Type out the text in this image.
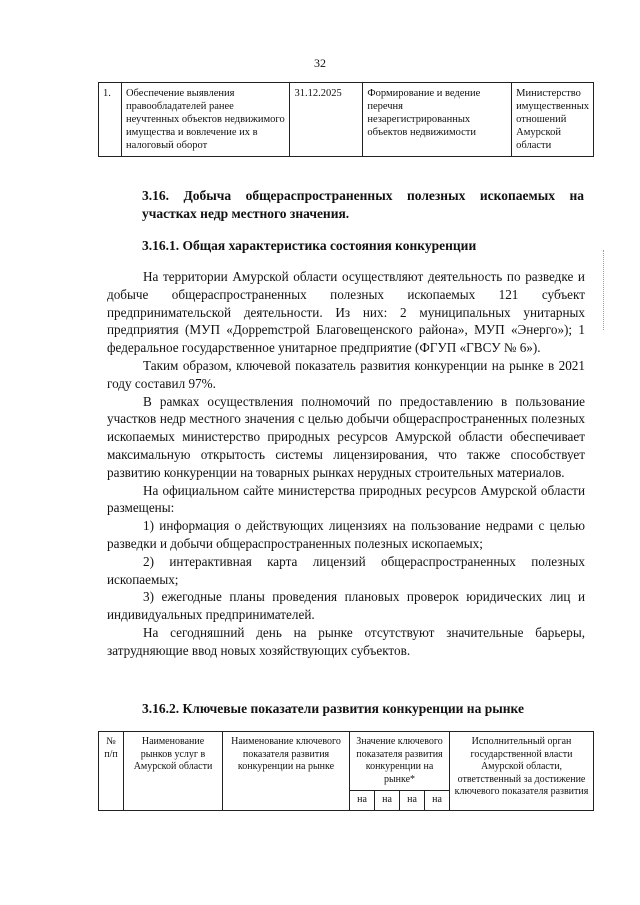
32
1.	Обеспечение выявления правообладателей ранее неучтенных объектов недвижимого имущества и вовлечение их в налоговый оборот	31.12.2025	Формирование и ведение перечня незарегистрированных объектов недвижимости	Министерство имущественных отношений Амурской области
3.16. Добыча общераспространенных полезных ископаемых на участках недр местного значения.
3.16.1. Общая характеристика состояния конкуренции

На территории Амурской области осуществляют деятельность по разведке и добыче общераспространенных полезных ископаемых 121 субъект предпринимательской деятельности. Из них: 2 муниципальных унитарных предприятия (МУП «Доррemстрой Благовещенского района», МУП «Энерго»); 1 федеральное государственное унитарное предприятие (ФГУП «ГВСУ № 6»).

Таким образом, ключевой показатель развития конкуренции на рынке в 2021 году составил 97%.

В рамках осуществления полномочий по предоставлению в пользование участков недр местного значения с целью добычи общераспространенных полезных ископаемых министерство природных ресурсов Амурской области обеспечивает максимальную открытость системы лицензирования, что также способствует развитию конкуренции на товарных рынках нерудных строительных материалов.

На официальном сайте министерства природных ресурсов Амурской области размещены:

1) информация о действующих лицензиях на пользование недрами с целью разведки и добычи общераспространенных полезных ископаемых;

2) интерактивная карта лицензий общераспространенных полезных ископаемых;

3) ежегодные планы проведения плановых проверок юридических лиц и индивидуальных предпринимателей.

На сегодняшний день на рынке отсутствуют значительные барьеры, затрудняющие ввод новых хозяйствующих субъектов.

3.16.2. Ключевые показатели развития конкуренции на рынке
№ п/п	Наименование рынков услуг в Амурской области	Наименование ключевого показателя развития конкуренции на рынке	Значение ключевого показателя развития конкуренции на рынке*				Исполнительный орган государственной власти Амурской области, ответственный за достижение ключевого показателя развития
			на	на	на	на	
